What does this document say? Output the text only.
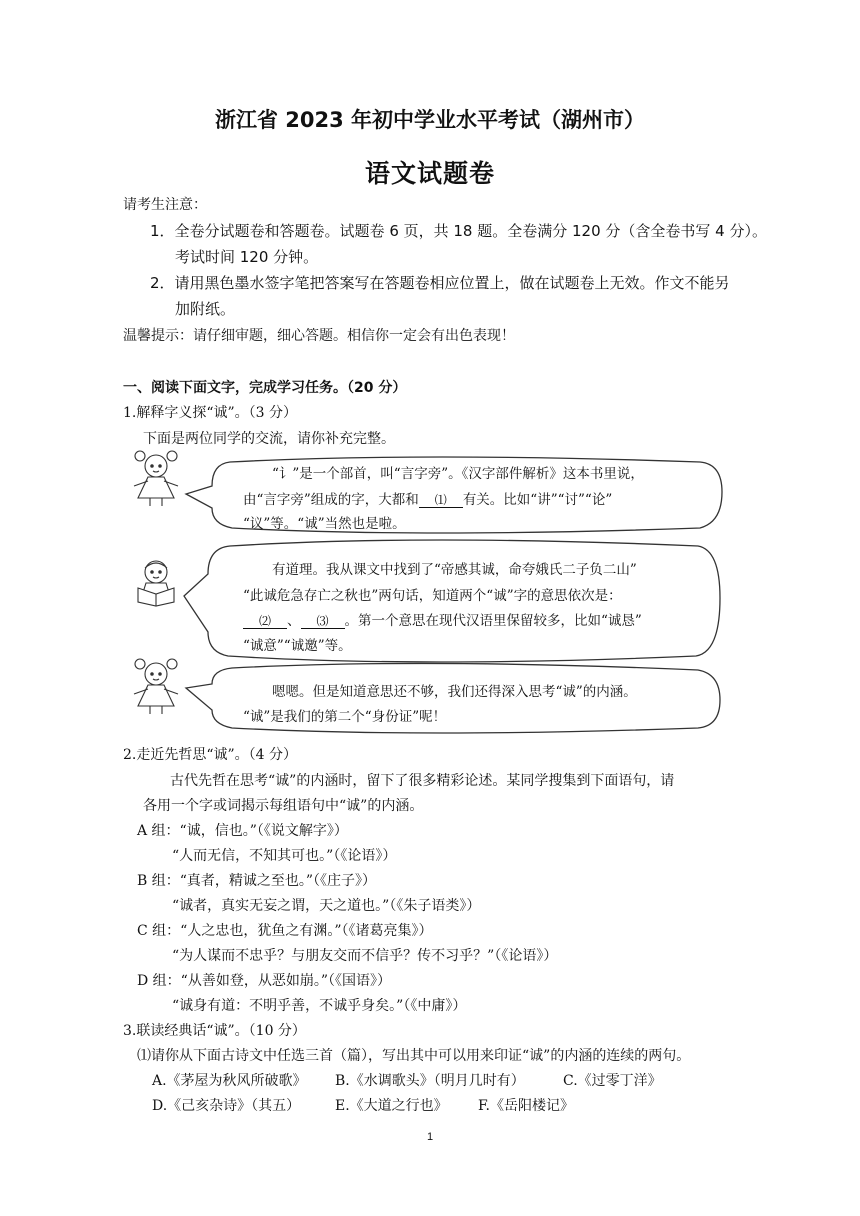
浙江省 2023 年初中学业水平考试（湖州市）
语文试题卷
请考生注意：
1．全卷分试题卷和答题卷。试题卷 6 页，共 18 题。全卷满分 120 分（含全卷书写 4 分）。
考试时间 120 分钟。
2．请用黑色墨水签字笔把答案写在答题卷相应位置上，做在试题卷上无效。作文不能另
加附纸。
温馨提示：请仔细审题，细心答题。相信你一定会有出色表现！
一、阅读下面文字，完成学习任务。（20 分）
1.解释字义探“诚”。（3 分）
下面是两位同学的交流，请你补充完整。
“讠”是一个部首，叫“言字旁”。《汉字部件解析》这本书里说，
由“言字旁”组成的字，大都和 ⑴ 有关。比如“讲”“讨”“论”
“议”等。“诚”当然也是啦。
有道理。我从课文中找到了“帝感其诚，命夸娥氏二子负二山”
“此诚危急存亡之秋也”两句话，知道两个“诚”字的意思依次是：
⑵ 、 ⑶ 。第一个意思在现代汉语里保留较多，比如“诚恳”
“诚意”“诚邀”等。
嗯嗯。但是知道意思还不够，我们还得深入思考“诚”的内涵。
“诚”是我们的第二个“身份证”呢！
2.走近先哲思“诚”。（4 分）
古代先哲在思考“诚”的内涵时，留下了很多精彩论述。某同学搜集到下面语句，请
各用一个字或词揭示每组语句中“诚”的内涵。
A 组：“诚，信也。”（《说文解字》）
“人而无信，不知其可也。”（《论语》）
B 组：“真者，精诚之至也。”（《庄子》）
“诚者，真实无妄之谓，天之道也。”（《朱子语类》）
C 组：“人之忠也，犹鱼之有渊。”（《诸葛亮集》）
“为人谋而不忠乎？与朋友交而不信乎？传不习乎？”（《论语》）
D 组：“从善如登，从恶如崩。”（《国语》）
“诚身有道：不明乎善，不诚乎身矣。”（《中庸》）
3.联读经典话“诚”。（10 分）
⑴请你从下面古诗文中任选三首（篇），写出其中可以用来印证“诚”的内涵的连续的两句。
A.《茅屋为秋风所破歌》 B.《水调歌头》（明月几时有）	C.《过零丁洋》
D.《己亥杂诗》（其五） E.《大道之行也》 F.《岳阳楼记》
1
